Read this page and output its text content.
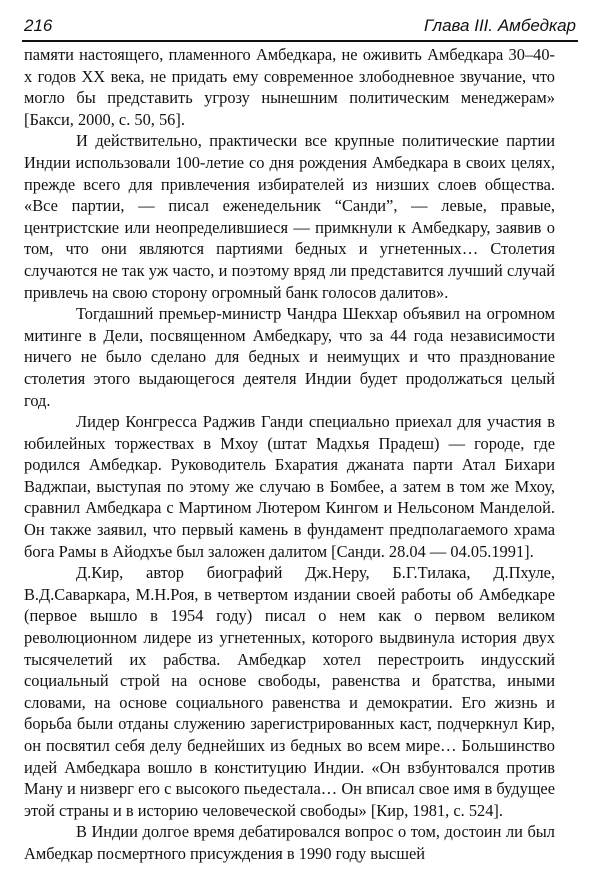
216	Глава III. Амбедкар

памяти настоящего, пламенного Амбедкара, не оживить Амбедкара 30–40-х годов XX века, не придать ему современное злободневное звучание, что могло бы представить угрозу нынешним политическим менеджерам» [Бакси, 2000, с. 50, 56].

И действительно, практически все крупные политические партии Индии использовали 100-летие со дня рождения Амбедкара в своих целях, прежде всего для привлечения избирателей из низших слоев общества. «Все партии, — писал еженедельник “Санди”, — левые, правые, центристские или неопределившиеся — примкнули к Амбедкару, заявив о том, что они являются партиями бедных и угнетенных… Столетия случаются не так уж часто, и поэтому вряд ли представится лучший случай привлечь на свою сторону огромный банк голосов далитов».

Тогдашний премьер-министр Чандра Шекхар объявил на огромном митинге в Дели, посвященном Амбедкару, что за 44 года независимости ничего не было сделано для бедных и неимущих и что празднование столетия этого выдающегося деятеля Индии будет продолжаться целый год.

Лидер Конгресса Раджив Ганди специально приехал для участия в юбилейных торжествах в Мхоу (штат Мадхья Прадеш) — городе, где родился Амбедкар. Руководитель Бхаратия джаната парти Атал Бихари Ваджпаи, выступая по этому же случаю в Бомбее, а затем в том же Мхоу, сравнил Амбедкара с Мартином Лютером Кингом и Нельсоном Манделой. Он также заявил, что первый камень в фундамент предполагаемого храма бога Рамы в Айодхъе был заложен далитом [Санди. 28.04 — 04.05.1991].

Д.Кир, автор биографий Дж.Неру, Б.Г.Тилака, Д.Пхуле, В.Д.Саваркара, М.Н.Роя, в четвертом издании своей работы об Амбедкаре (первое вышло в 1954 году) писал о нем как о первом великом революционном лидере из угнетенных, которого выдвинула история двух тысячелетий их рабства. Амбедкар хотел перестроить индусский социальный строй на основе свободы, равенства и братства, иными словами, на основе социального равенства и демократии. Его жизнь и борьба были отданы служению зарегистрированных каст, подчеркнул Кир, он посвятил себя делу беднейших из бедных во всем мире… Большинство идей Амбедкара вошло в конституцию Индии. «Он взбунтовался против Ману и низверг его с высокого пьедестала… Он вписал свое имя в будущее этой страны и в историю человеческой свободы» [Кир, 1981, с. 524].

В Индии долгое время дебатировался вопрос о том, достоин ли был Амбедкар посмертного присуждения в 1990 году высшей
